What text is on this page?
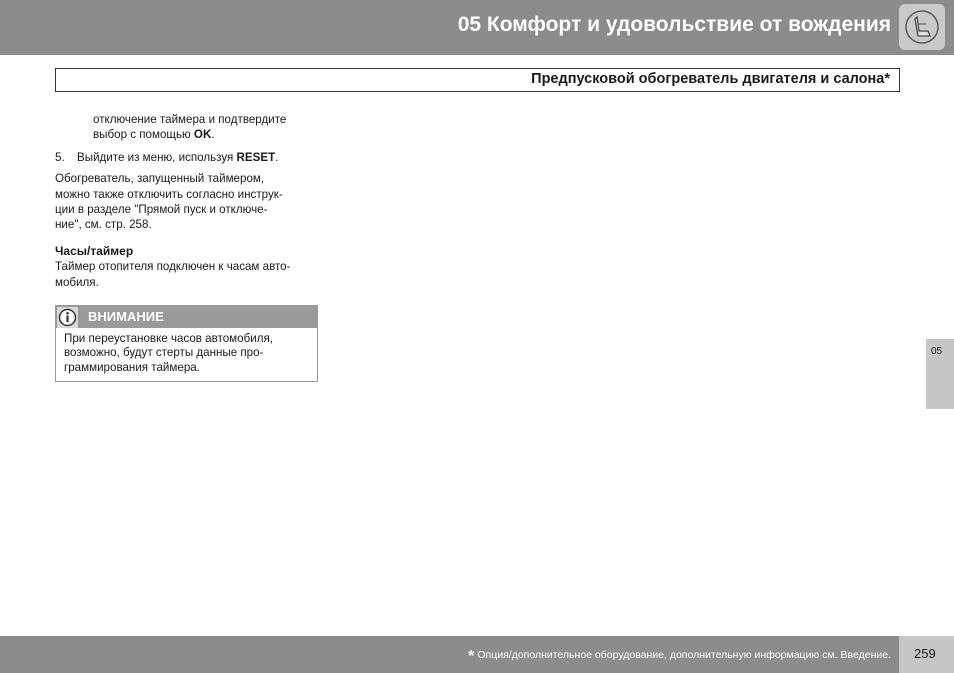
05 Комфорт и удовольствие от вождения
Предпусковой обогреватель двигателя и салона*
отключение таймера и подтвердите
выбор с помощью OK.
5. Выйдите из меню, используя RESET.
Обогреватель, запущенный таймером,
можно также отключить согласно инструк-
ции в разделе "Прямой пуск и отключе-
ние", см. стр. 258.
Часы/таймер
Таймер отопителя подключен к часам авто-
мобиля.
ВНИМАНИЕ
При переустановке часов автомобиля,
возможно, будут стерты данные про-
граммирования таймера.
05
* Опция/дополнительное оборудование, дополнительную информацию см. Введение. 259
